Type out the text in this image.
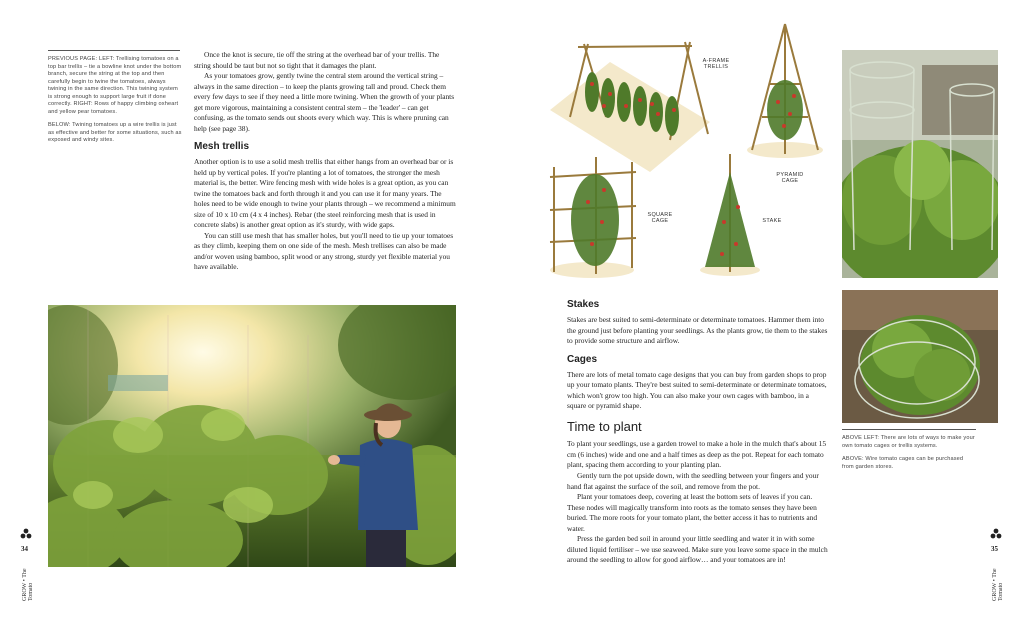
PREVIOUS PAGE: LEFT: Trellising tomatoes on a top bar trellis – tie a bowline knot under the bottom branch, secure the string at the top and then carefully begin to twine the tomatoes, always twining in the same direction. This twining system is strong enough to support large fruit if done correctly. RIGHT: Rows of happy climbing oxheart and yellow pear tomatoes.

BELOW: Twining tomatoes up a wire trellis is just as effective and better for some situations, such as exposed and windy sites.

Once the knot is secure, tie off the string at the overhead bar of your trellis. The string should be taut but not so tight that it damages the plant.

As your tomatoes grow, gently twine the central stem around the vertical string – always in the same direction – to keep the plants growing tall and proud. Check them every few days to see if they need a little more twining. When the growth of your plants get more vigorous, maintaining a consistent central stem – the 'leader' – can get confusing, as the tomato sends out shoots every which way. This is where pruning can help (see page 38).

Mesh trellis

Another option is to use a solid mesh trellis that either hangs from an overhead bar or is held up by vertical poles. If you're planting a lot of tomatoes, the stronger the mesh material is, the better. Wire fencing mesh with wide holes is a great option, as you can twine the tomatoes back and forth through it and you can use it for many years. The holes need to be wide enough to twine your plants through – we recommend a minimum size of 10 x 10 cm (4 x 4 inches). Rebar (the steel reinforcing mesh that is used in concrete slabs) is another great option as it's sturdy, with wide gaps.

You can still use mesh that has smaller holes, but you'll need to tie up your tomatoes as they climb, keeping them on one side of the mesh. Mesh trellises can also be made and/or woven using bamboo, split wood or any strong, sturdy yet flexible material you have available.

34
GROW • The Tomato
A-FRAME TRELLIS
PYRAMID CAGE
SQUARE CAGE	STAKE
Stakes

Stakes are best suited to semi-determinate or determinate tomatoes. Hammer them into the ground just before planting your seedlings. As the plants grow, tie them to the stakes to provide some structure and airflow.

Cages

There are lots of metal tomato cage designs that you can buy from garden shops to prop up your tomato plants. They're best suited to semi-determinate or determinate tomatoes, which won't grow too high. You can also make your own cages with bamboo, in a square or pyramid shape.

Time to plant

To plant your seedlings, use a garden trowel to make a hole in the mulch that's about 15 cm (6 inches) wide and one and a half times as deep as the pot. Repeat for each tomato plant, spacing them according to your planting plan.

Gently turn the pot upside down, with the seedling between your fingers and your hand flat against the surface of the soil, and remove from the pot.

Plant your tomatoes deep, covering at least the bottom sets of leaves if you can. These nodes will magically transform into roots as the tomato senses they have been buried. The more roots for your tomato plant, the better access it has to nutrients and water.

Press the garden bed soil in around your little seedling and water it in with some diluted liquid fertiliser – we use seaweed. Make sure you leave some space in the mulch around the seedling to allow for good airflow… and your tomatoes are in!

ABOVE LEFT: There are lots of ways to make your own tomato cages or trellis systems.

ABOVE: Wire tomato cages can be purchased from garden stores.

35
GROW • The Tomato
